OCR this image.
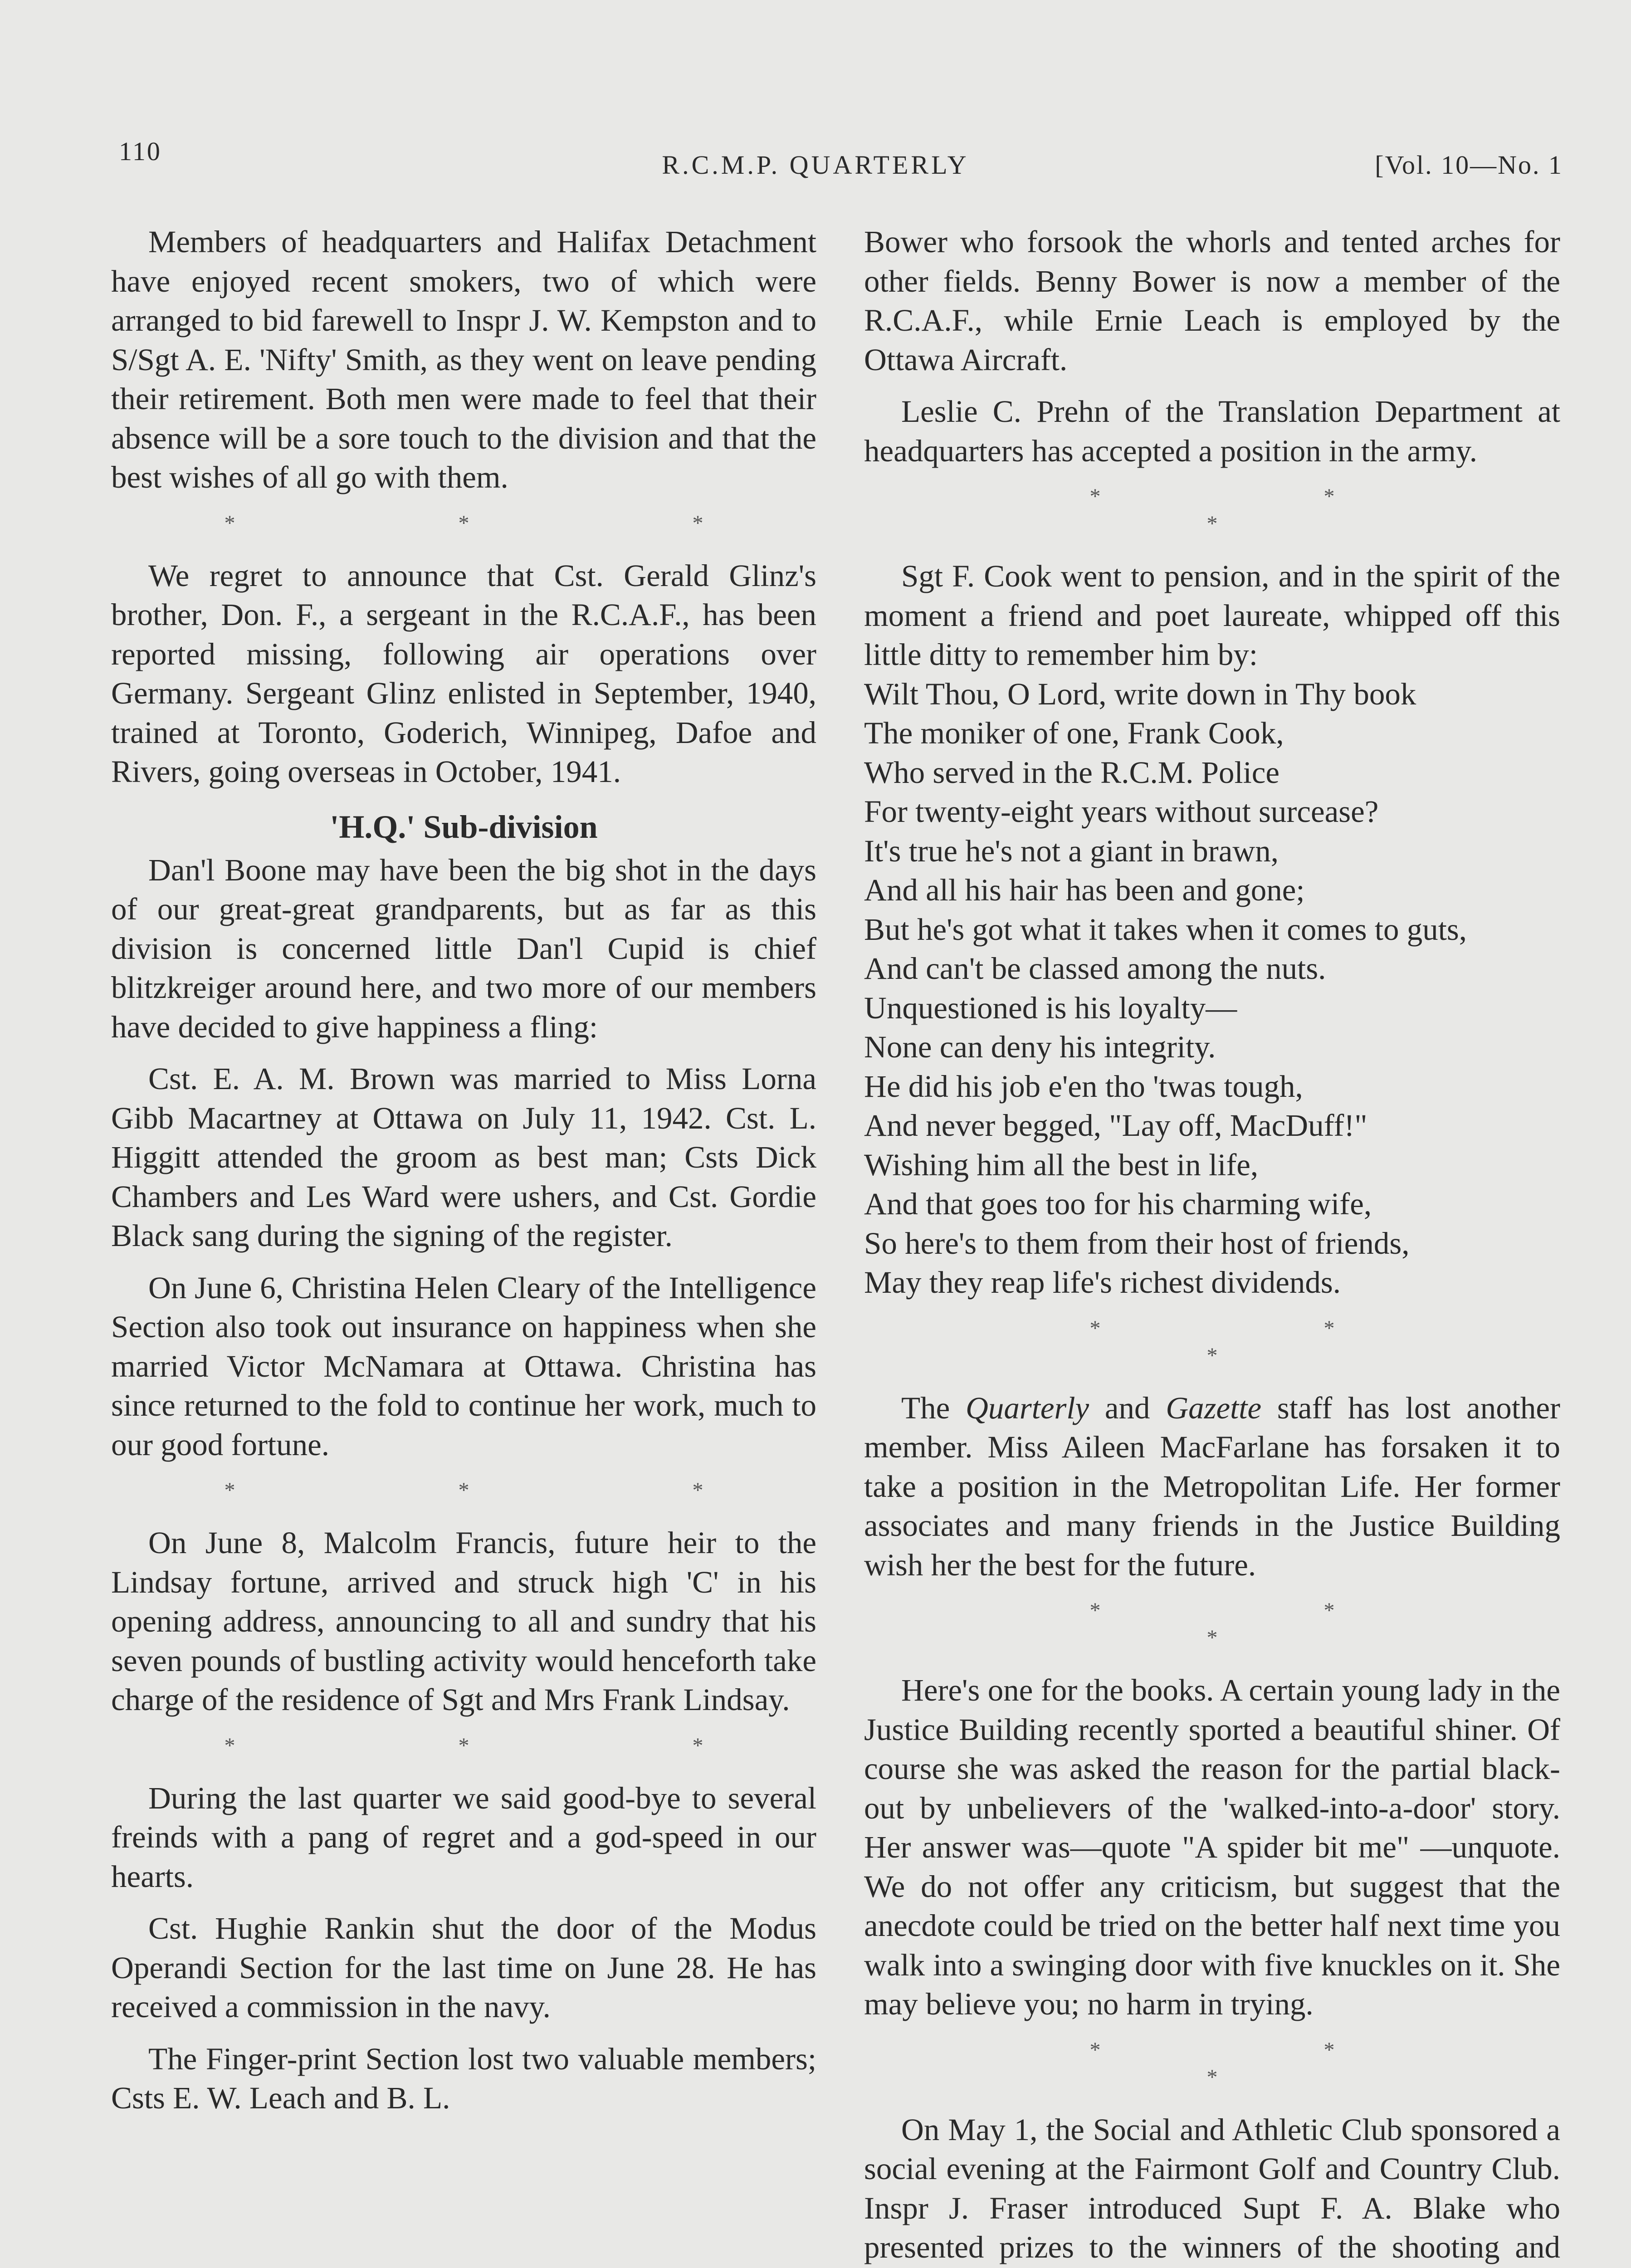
110	R.C.M.P. QUARTERLY	[Vol. 10—No. 1

Members of headquarters and Halifax Detachment have enjoyed recent smokers, two of which were arranged to bid farewell to Inspr J. W. Kempston and to S/Sgt A. E. 'Nifty' Smith, as they went on leave pending their retirement. Both men were made to feel that their absence will be a sore touch to the division and that the best wishes of all go with them.

* * *

We regret to announce that Cst. Gerald Glinz's brother, Don. F., a sergeant in the R.C.A.F., has been reported missing, following air operations over Germany. Sergeant Glinz enlisted in September, 1940, trained at Toronto, Goderich, Winnipeg, Dafoe and Rivers, going overseas in October, 1941.

'H.Q.' Sub-division

Dan'l Boone may have been the big shot in the days of our great-great grandparents, but as far as this division is concerned little Dan'l Cupid is chief blitzkreiger around here, and two more of our members have decided to give happiness a fling:

Cst. E. A. M. Brown was married to Miss Lorna Gibb Macartney at Ottawa on July 11, 1942. Cst. L. Higgitt attended the groom as best man; Csts Dick Chambers and Les Ward were ushers, and Cst. Gordie Black sang during the signing of the register.

On June 6, Christina Helen Cleary of the Intelligence Section also took out insurance on happiness when she married Victor McNamara at Ottawa. Christina has since returned to the fold to continue her work, much to our good fortune.

* * *

On June 8, Malcolm Francis, future heir to the Lindsay fortune, arrived and struck high 'C' in his opening address, announcing to all and sundry that his seven pounds of bustling activity would henceforth take charge of the residence of Sgt and Mrs Frank Lindsay.

* * *

During the last quarter we said good-bye to several freinds with a pang of regret and a god-speed in our hearts.

Cst. Hughie Rankin shut the door of the Modus Operandi Section for the last time on June 28. He has received a commission in the navy.

The Finger-print Section lost two valuable members; Csts E. W. Leach and B. L.

Bower who forsook the whorls and tented arches for other fields. Benny Bower is now a member of the R.C.A.F., while Ernie Leach is employed by the Ottawa Aircraft.

Leslie C. Prehn of the Translation Department at headquarters has accepted a position in the army.

* * *

Sgt F. Cook went to pension, and in the spirit of the moment a friend and poet laureate, whipped off this little ditty to remember him by:

Wilt Thou, O Lord, write down in Thy book
The moniker of one, Frank Cook,
Who served in the R.C.M. Police
For twenty-eight years without surcease?
It's true he's not a giant in brawn,
And all his hair has been and gone;
But he's got what it takes when it comes to guts,
And can't be classed among the nuts.
Unquestioned is his loyalty—
None can deny his integrity.
He did his job e'en tho 'twas tough,
And never begged, "Lay off, MacDuff!"
Wishing him all the best in life,
And that goes too for his charming wife,
So here's to them from their host of friends,
May they reap life's richest dividends.
* * *

The Quarterly and Gazette staff has lost another member. Miss Aileen MacFarlane has forsaken it to take a position in the Metropolitan Life. Her former associates and many friends in the Justice Building wish her the best for the future.

* * *

Here's one for the books. A certain young lady in the Justice Building recently sported a beautiful shiner. Of course she was asked the reason for the partial black-out by unbelievers of the 'walked-into-a-door' story. Her answer was—quote "A spider bit me" —unquote. We do not offer any criticism, but suggest that the anecdote could be tried on the better half next time you walk into a swinging door with five knuckles on it. She may believe you; no harm in trying.

* * *

On May 1, the Social and Athletic Club sponsored a social evening at the Fairmont Golf and Country Club. Inspr J. Fraser introduced Supt F. A. Blake who presented prizes to the winners of the shooting and
